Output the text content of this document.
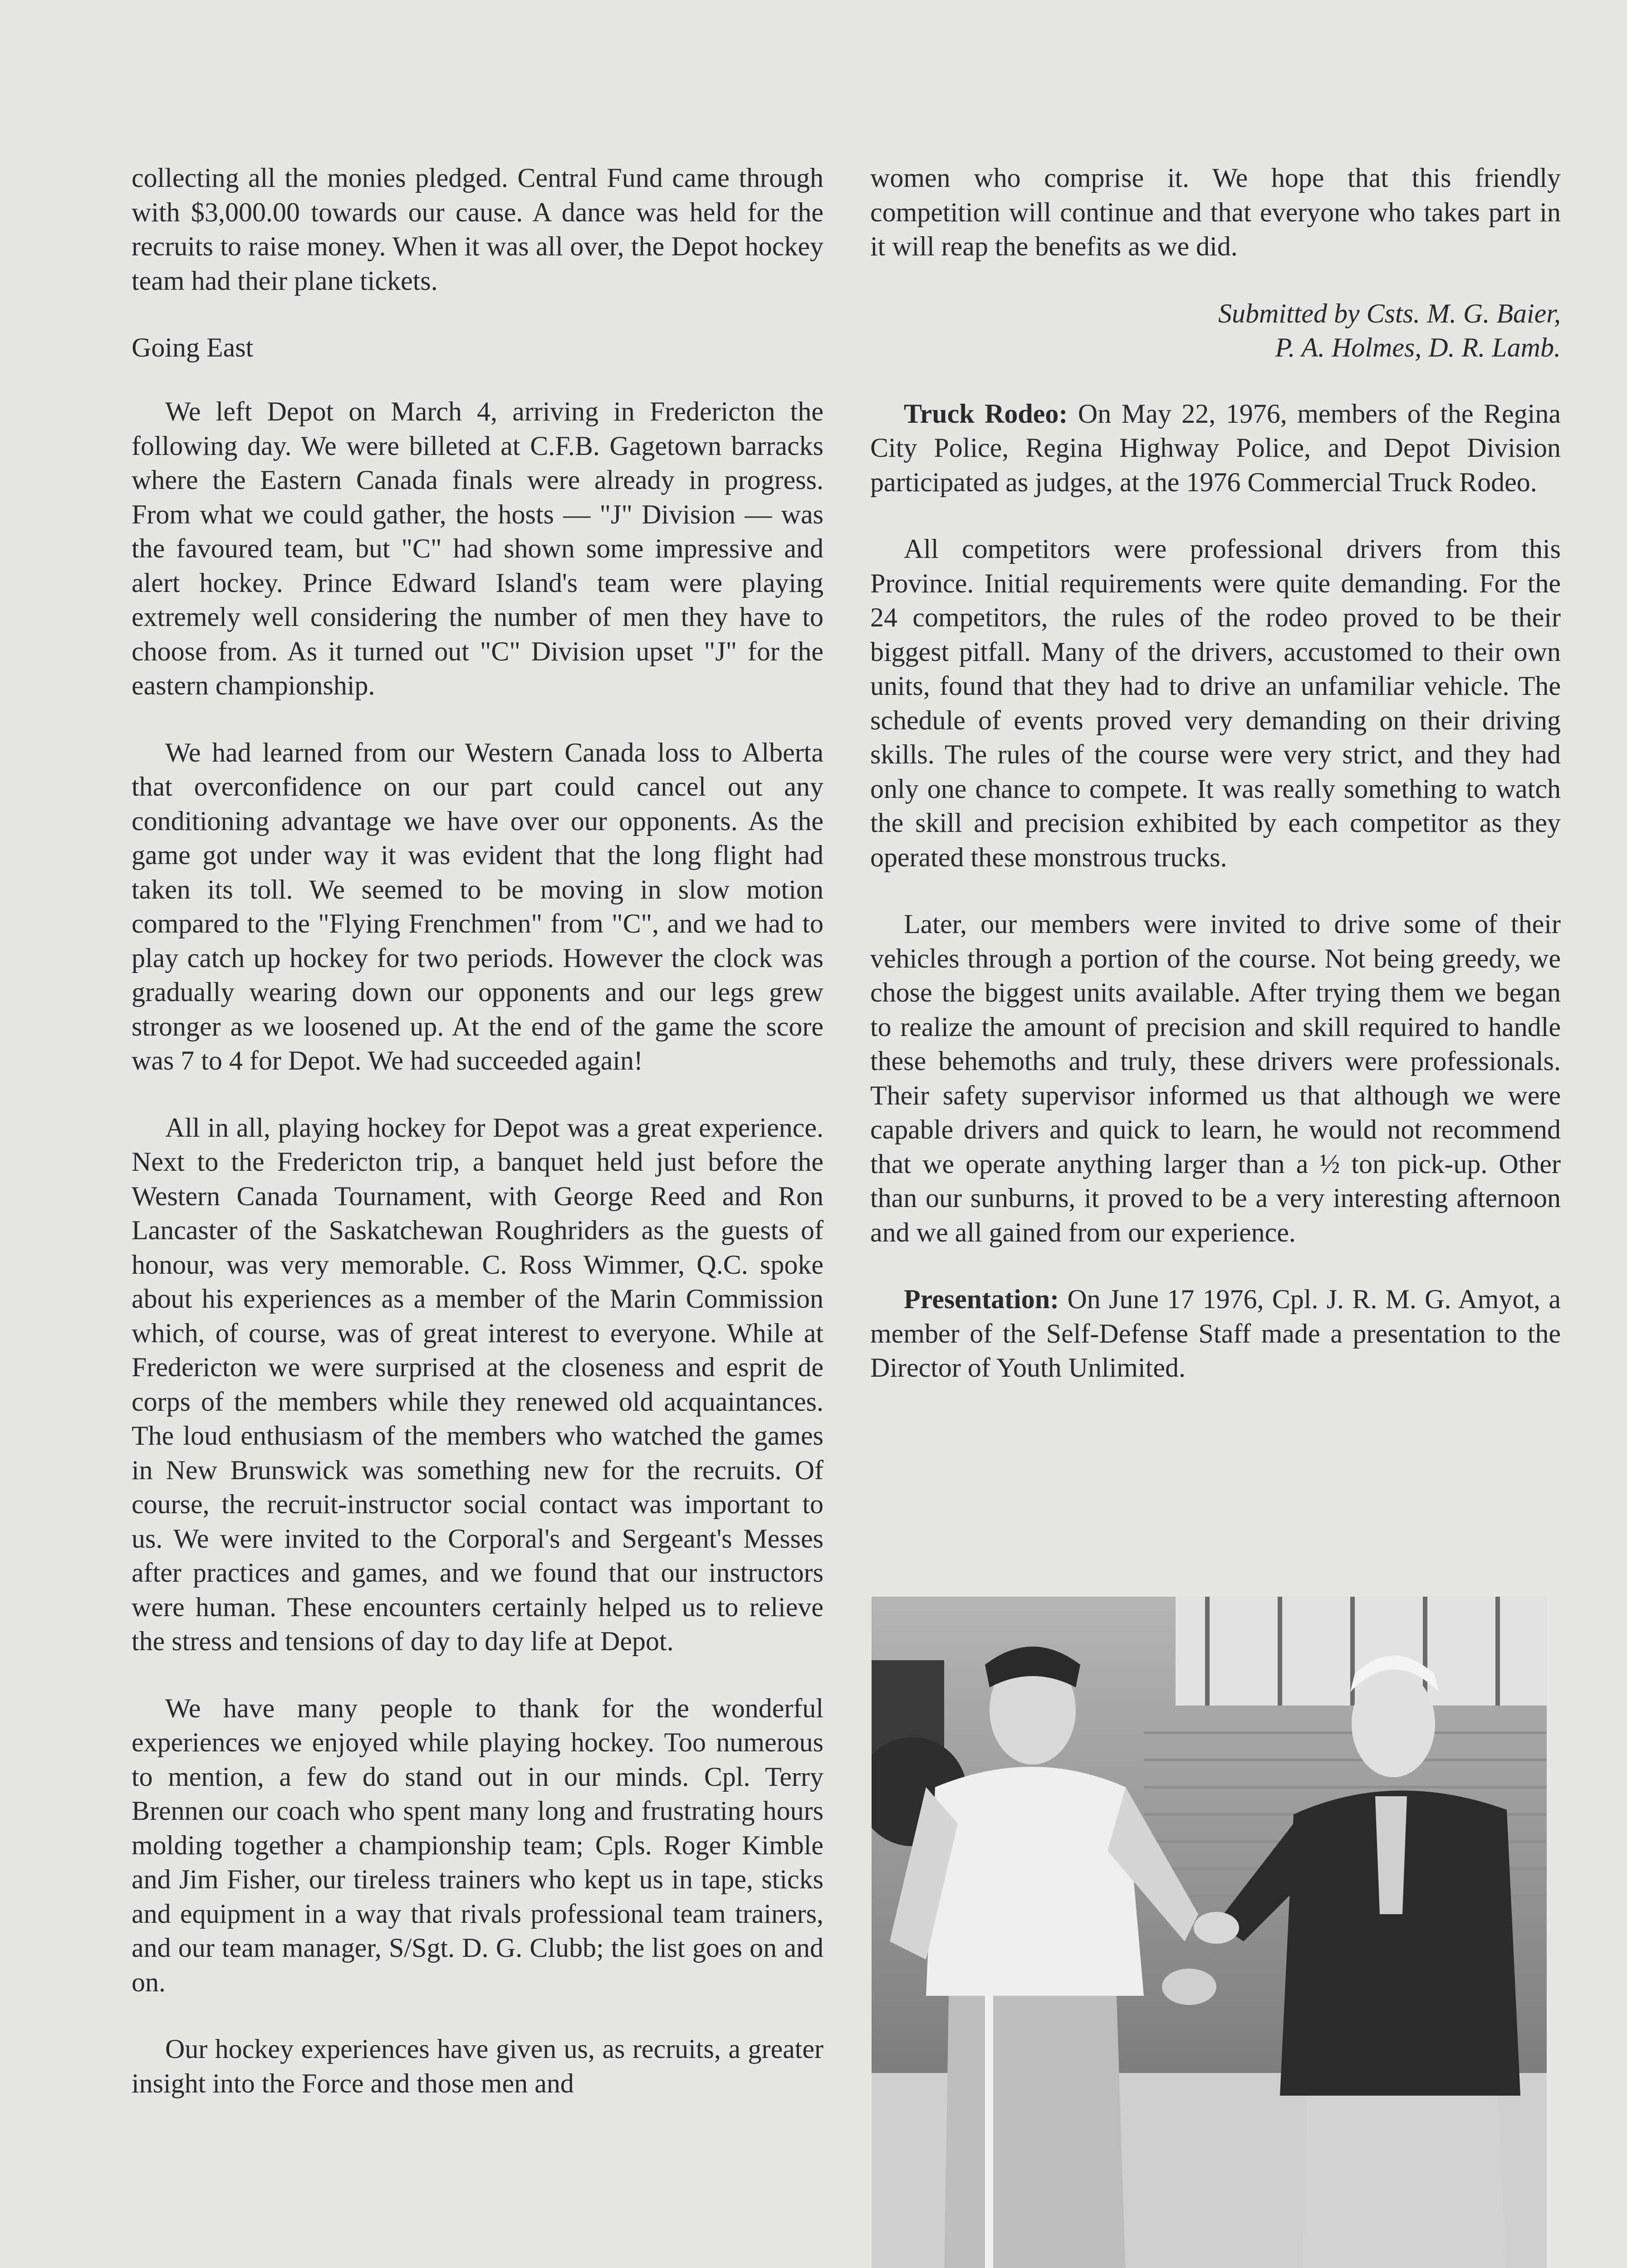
collecting all the monies pledged. Central Fund came through with $3,000.00 towards our cause. A dance was held for the recruits to raise money. When it was all over, the Depot hockey team had their plane tickets.

Going East

We left Depot on March 4, arriving in Fredericton the following day. We were billeted at C.F.B. Gagetown barracks where the Eastern Canada finals were already in progress. From what we could gather, the hosts — "J" Division — was the favoured team, but "C" had shown some impressive and alert hockey. Prince Edward Island's team were playing extremely well considering the number of men they have to choose from. As it turned out "C" Division upset "J" for the eastern championship.

We had learned from our Western Canada loss to Alberta that overconfidence on our part could cancel out any conditioning advantage we have over our opponents. As the game got under way it was evident that the long flight had taken its toll. We seemed to be moving in slow motion compared to the "Flying Frenchmen" from "C", and we had to play catch up hockey for two periods. However the clock was gradually wearing down our opponents and our legs grew stronger as we loosened up. At the end of the game the score was 7 to 4 for Depot. We had succeeded again!

All in all, playing hockey for Depot was a great experience. Next to the Fredericton trip, a banquet held just before the Western Canada Tournament, with George Reed and Ron Lancaster of the Saskatchewan Roughriders as the guests of honour, was very memorable. C. Ross Wimmer, Q.C. spoke about his experiences as a member of the Marin Commission which, of course, was of great interest to everyone. While at Fredericton we were surprised at the closeness and esprit de corps of the members while they renewed old acquaintances. The loud enthusiasm of the members who watched the games in New Brunswick was something new for the recruits. Of course, the recruit-instructor social contact was important to us. We were invited to the Corporal's and Sergeant's Messes after practices and games, and we found that our instructors were human. These encounters certainly helped us to relieve the stress and tensions of day to day life at Depot.

We have many people to thank for the wonderful experiences we enjoyed while playing hockey. Too numerous to mention, a few do stand out in our minds. Cpl. Terry Brennen our coach who spent many long and frustrating hours molding together a championship team; Cpls. Roger Kimble and Jim Fisher, our tireless trainers who kept us in tape, sticks and equipment in a way that rivals professional team trainers, and our team manager, S/Sgt. D. G. Clubb; the list goes on and on.

Our hockey experiences have given us, as recruits, a greater insight into the Force and those men and

women who comprise it. We hope that this friendly competition will continue and that everyone who takes part in it will reap the benefits as we did.

Submitted by Csts. M. G. Baier,
P. A. Holmes, D. R. Lamb.

Truck Rodeo: On May 22, 1976, members of the Regina City Police, Regina Highway Police, and Depot Division participated as judges, at the 1976 Commercial Truck Rodeo.

All competitors were professional drivers from this Province. Initial requirements were quite demanding. For the 24 competitors, the rules of the rodeo proved to be their biggest pitfall. Many of the drivers, accustomed to their own units, found that they had to drive an unfamiliar vehicle. The schedule of events proved very demanding on their driving skills. The rules of the course were very strict, and they had only one chance to compete. It was really something to watch the skill and precision exhibited by each competitor as they operated these monstrous trucks.

Later, our members were invited to drive some of their vehicles through a portion of the course. Not being greedy, we chose the biggest units available. After trying them we began to realize the amount of precision and skill required to handle these behemoths and truly, these drivers were professionals. Their safety supervisor informed us that although we were capable drivers and quick to learn, he would not recommend that we operate anything larger than a ½ ton pick-up. Other than our sunburns, it proved to be a very interesting afternoon and we all gained from our experience.

Presentation: On June 17 1976, Cpl. J. R. M. G. Amyot, a member of the Self-Defense Staff made a presentation to the Director of Youth Unlimited.
